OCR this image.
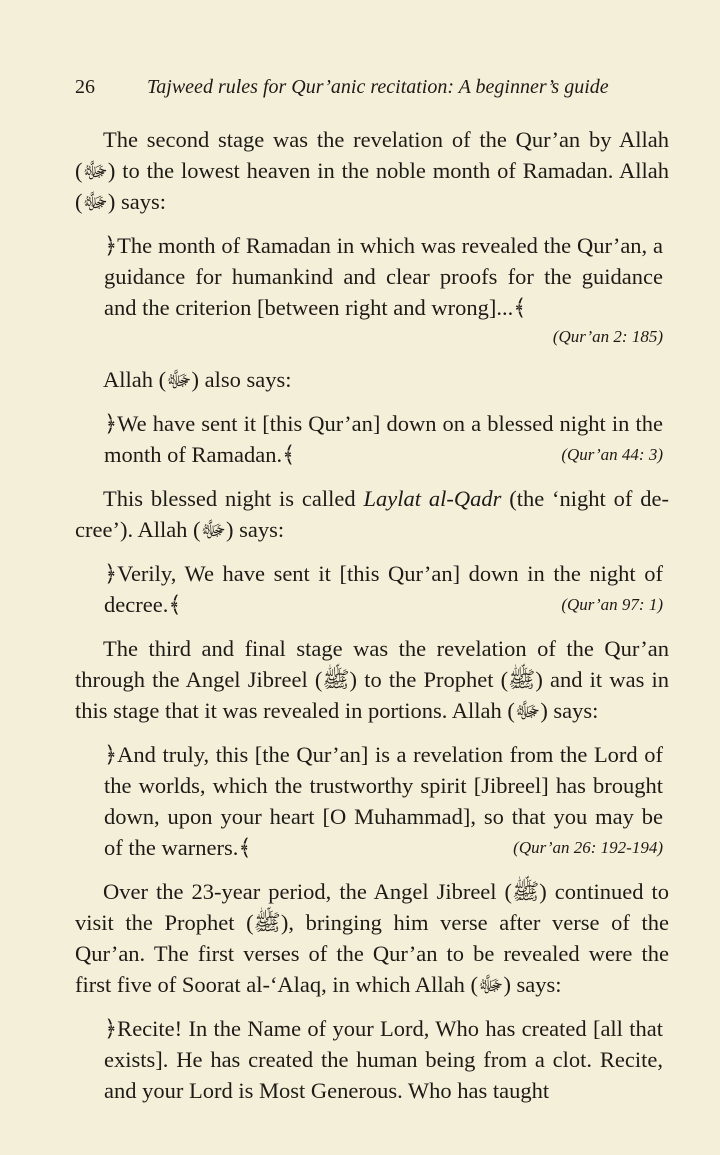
26	Tajweed rules for Qur’anic recitation: A beginner’s guide

The second stage was the revelation of the Qur’an by Allah (ﷻ) to the lowest heaven in the noble month of Ramadan. Allah (ﷻ) says:

﴿The month of Ramadan in which was revealed the Qur’an, a guidance for humankind and clear proofs for the guidance and the criterion [between right and wrong]...﴾
(Qur’an 2: 185)

Allah (ﷻ) also says:

﴿We have sent it [this Qur’an] down on a blessed night in the month of Ramadan.﴾	(Qur’an 44: 3)

This blessed night is called Laylat al-Qadr (the ‘night of de-cree’). Allah (ﷻ) says:

﴿Verily, We have sent it [this Qur’an] down in the night of decree.﴾	(Qur’an 97: 1)

The third and final stage was the revelation of the Qur’an through the Angel Jibreel (ﷺ) to the Prophet (ﷺ) and it was in this stage that it was revealed in portions. Allah (ﷻ) says:

﴿And truly, this [the Qur’an] is a revelation from the Lord of the worlds, which the trustworthy spirit [Jibreel] has brought down, upon your heart [O Muhammad], so that you may be of the warners.﴾	(Qur’an 26: 192-194)

Over the 23-year period, the Angel Jibreel (ﷺ) continued to visit the Prophet (ﷺ), bringing him verse after verse of the Qur’an. The first verses of the Qur’an to be revealed were the first five of Soorat al-‘Alaq, in which Allah (ﷻ) says:

﴿Recite! In the Name of your Lord, Who has created [all that exists]. He has created the human being from a clot. Recite, and your Lord is Most Generous. Who has taught
